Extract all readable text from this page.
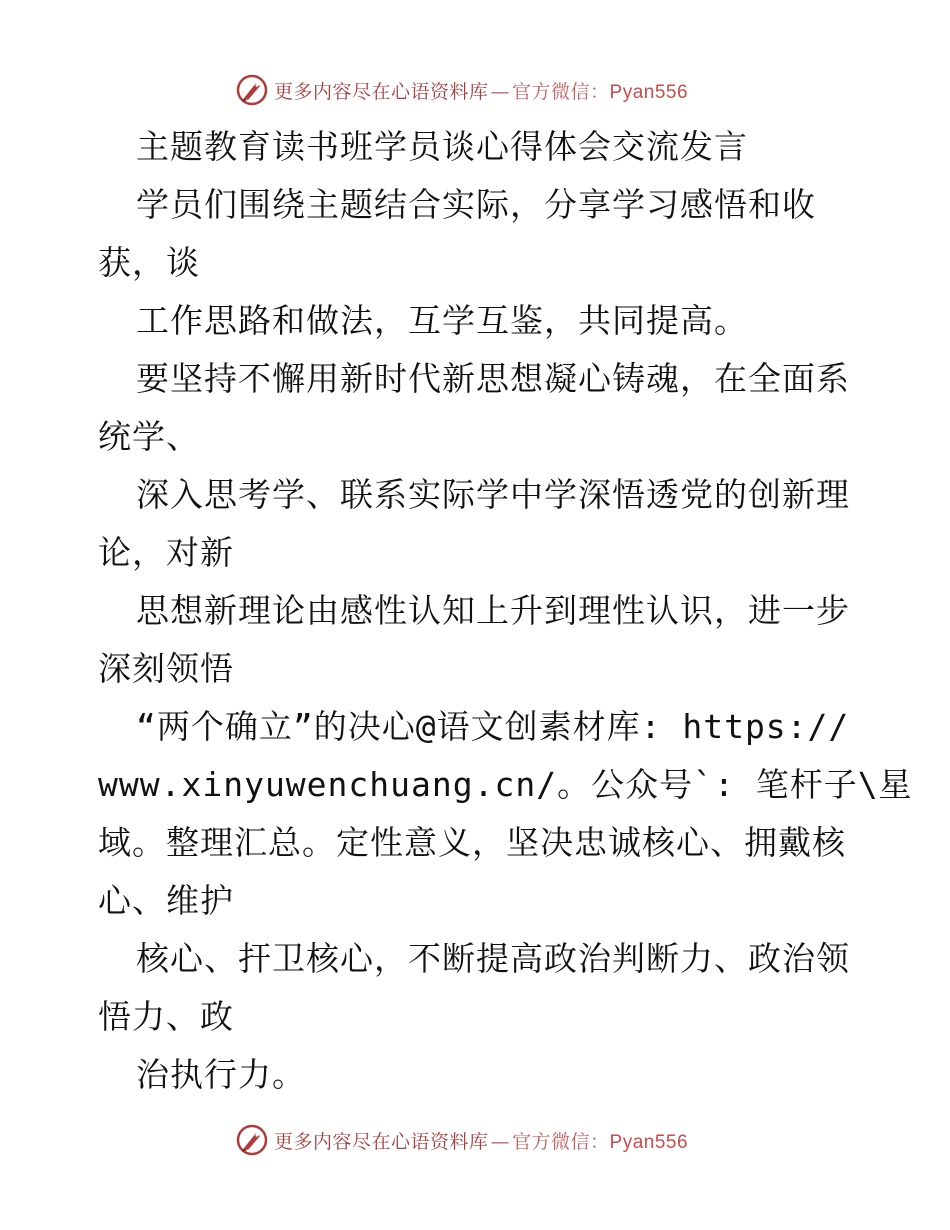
更多内容尽在心语资料库 — 官方微信：Pyan556
主题教育读书班学员谈心得体会交流发言
学员们围绕主题结合实际，分享学习感悟和收
获，谈
工作思路和做法，互学互鉴，共同提高。
要坚持不懈用新时代新思想凝心铸魂，在全面系
统学、
深入思考学、联系实际学中学深悟透党的创新理
论，对新
思想新理论由感性认知上升到理性认识，进一步
深刻领悟
“两个确立”的决心@语文创素材库: https://
www.xinyuwenchuang.cn/。公众号`: 笔杆子\星
域。整理汇总。定性意义，坚决忠诚核心、拥戴核
心、维护
核心、扞卫核心，不断提高政治判断力、政治领
悟力、政
治执行力。
更多内容尽在心语资料库 — 官方微信：Pyan556
